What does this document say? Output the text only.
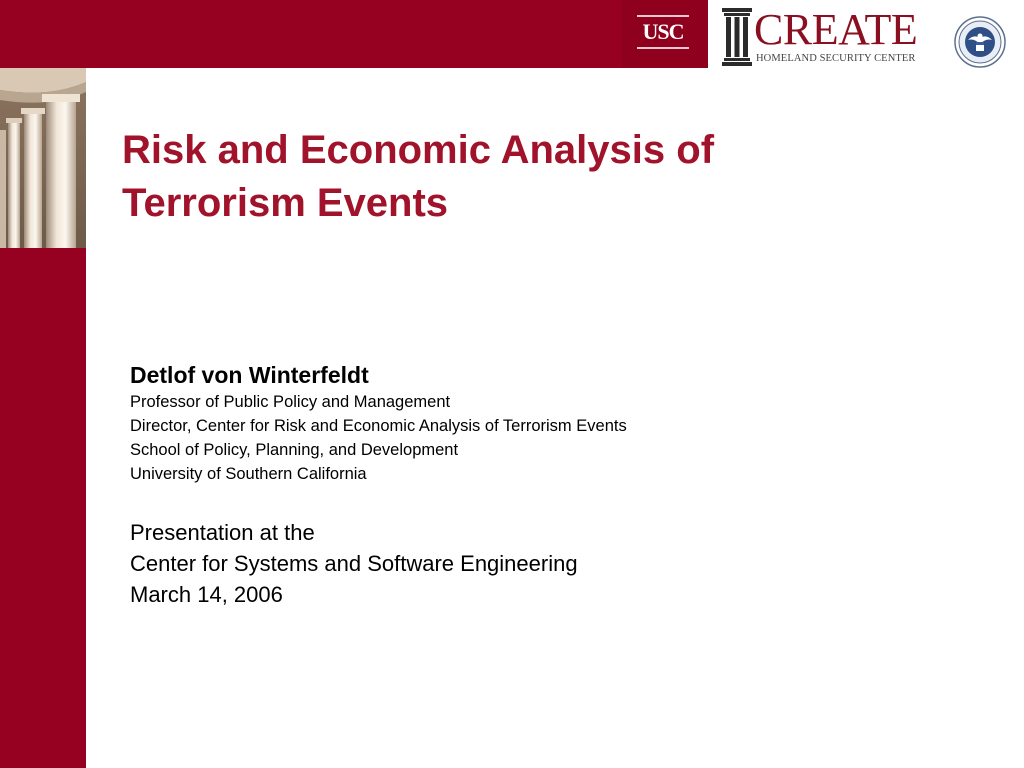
USC CREATE
HOMELAND SECURITY CENTER
Risk and Economic Analysis of
Terrorism Events
Detlof von Winterfeldt
Professor of Public Policy and Management
Director, Center for Risk and Economic Analysis of Terrorism Events
School of Policy, Planning, and Development
University of Southern California
Presentation at the
Center for Systems and Software Engineering
March 14, 2006
